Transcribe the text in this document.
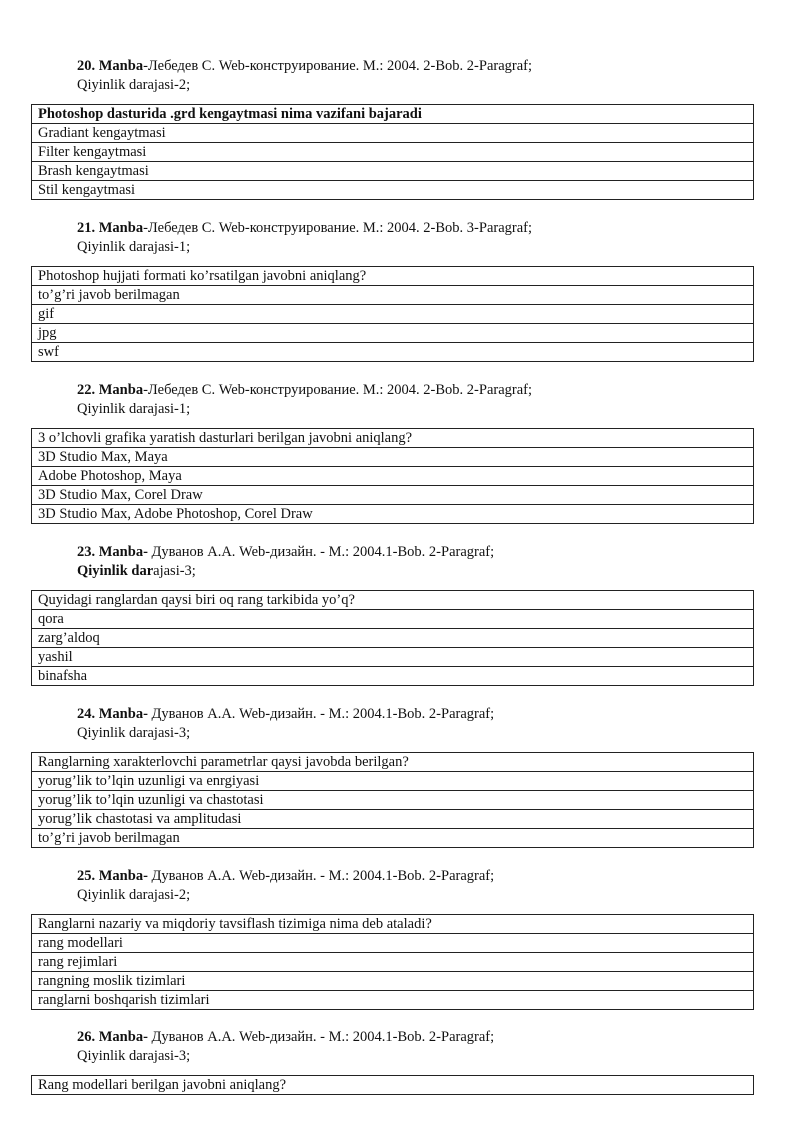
20. Manba-Лебедев С. Web-конструирование. М.: 2004. 2-Bob. 2-Paragraf;
Qiyinlik darajasi-2;
Photoshop dasturida .grd kengaytmasi nima vazifani bajaradi
Gradiant kengaytmasi
Filter kengaytmasi
Brash kengaytmasi
Stil kengaytmasi
21. Manba-Лебедев С. Web-конструирование. М.: 2004. 2-Bob. 3-Paragraf;
Qiyinlik darajasi-1;
Photoshop hujjati formati ko’rsatilgan javobni aniqlang?
to’g’ri javob berilmagan
gif
jpg
swf
22. Manba-Лебедев С. Web-конструирование. М.: 2004. 2-Bob. 2-Paragraf;
Qiyinlik darajasi-1;
3 o’lchovli grafika yaratish dasturlari berilgan javobni aniqlang?
3D Studio Max, Maya
Adobe Photoshop, Maya
3D Studio Max, Corel Draw
3D Studio Max, Adobe Photoshop, Corel Draw
23. Manba- Дуванов А.А. Web-дизайн. - М.: 2004.1-Bob. 2-Paragraf;
Qiyinlik darajasi-3;
Quyidagi ranglardan qaysi biri oq rang tarkibida yo’q?
qora
zarg’aldoq
yashil
binafsha
24. Manba- Дуванов А.А. Web-дизайн. - М.: 2004.1-Bob. 2-Paragraf;
Qiyinlik darajasi-3;
Ranglarning xarakterlovchi parametrlar qaysi javobda berilgan?
yorug’lik to’lqin uzunligi va enrgiyasi
yorug’lik to’lqin uzunligi va chastotasi
yorug’lik chastotasi va amplitudasi
to’g’ri javob berilmagan
25. Manba- Дуванов А.А. Web-дизайн. - М.: 2004.1-Bob. 2-Paragraf;
Qiyinlik darajasi-2;
Ranglarni nazariy va miqdoriy tavsiflash tizimiga nima deb ataladi?
rang modellari
rang rejimlari
rangning moslik tizimlari
ranglarni boshqarish tizimlari
26. Manba- Дуванов А.А. Web-дизайн. - М.: 2004.1-Bob. 2-Paragraf;
Qiyinlik darajasi-3;
Rang modellari berilgan javobni aniqlang?
